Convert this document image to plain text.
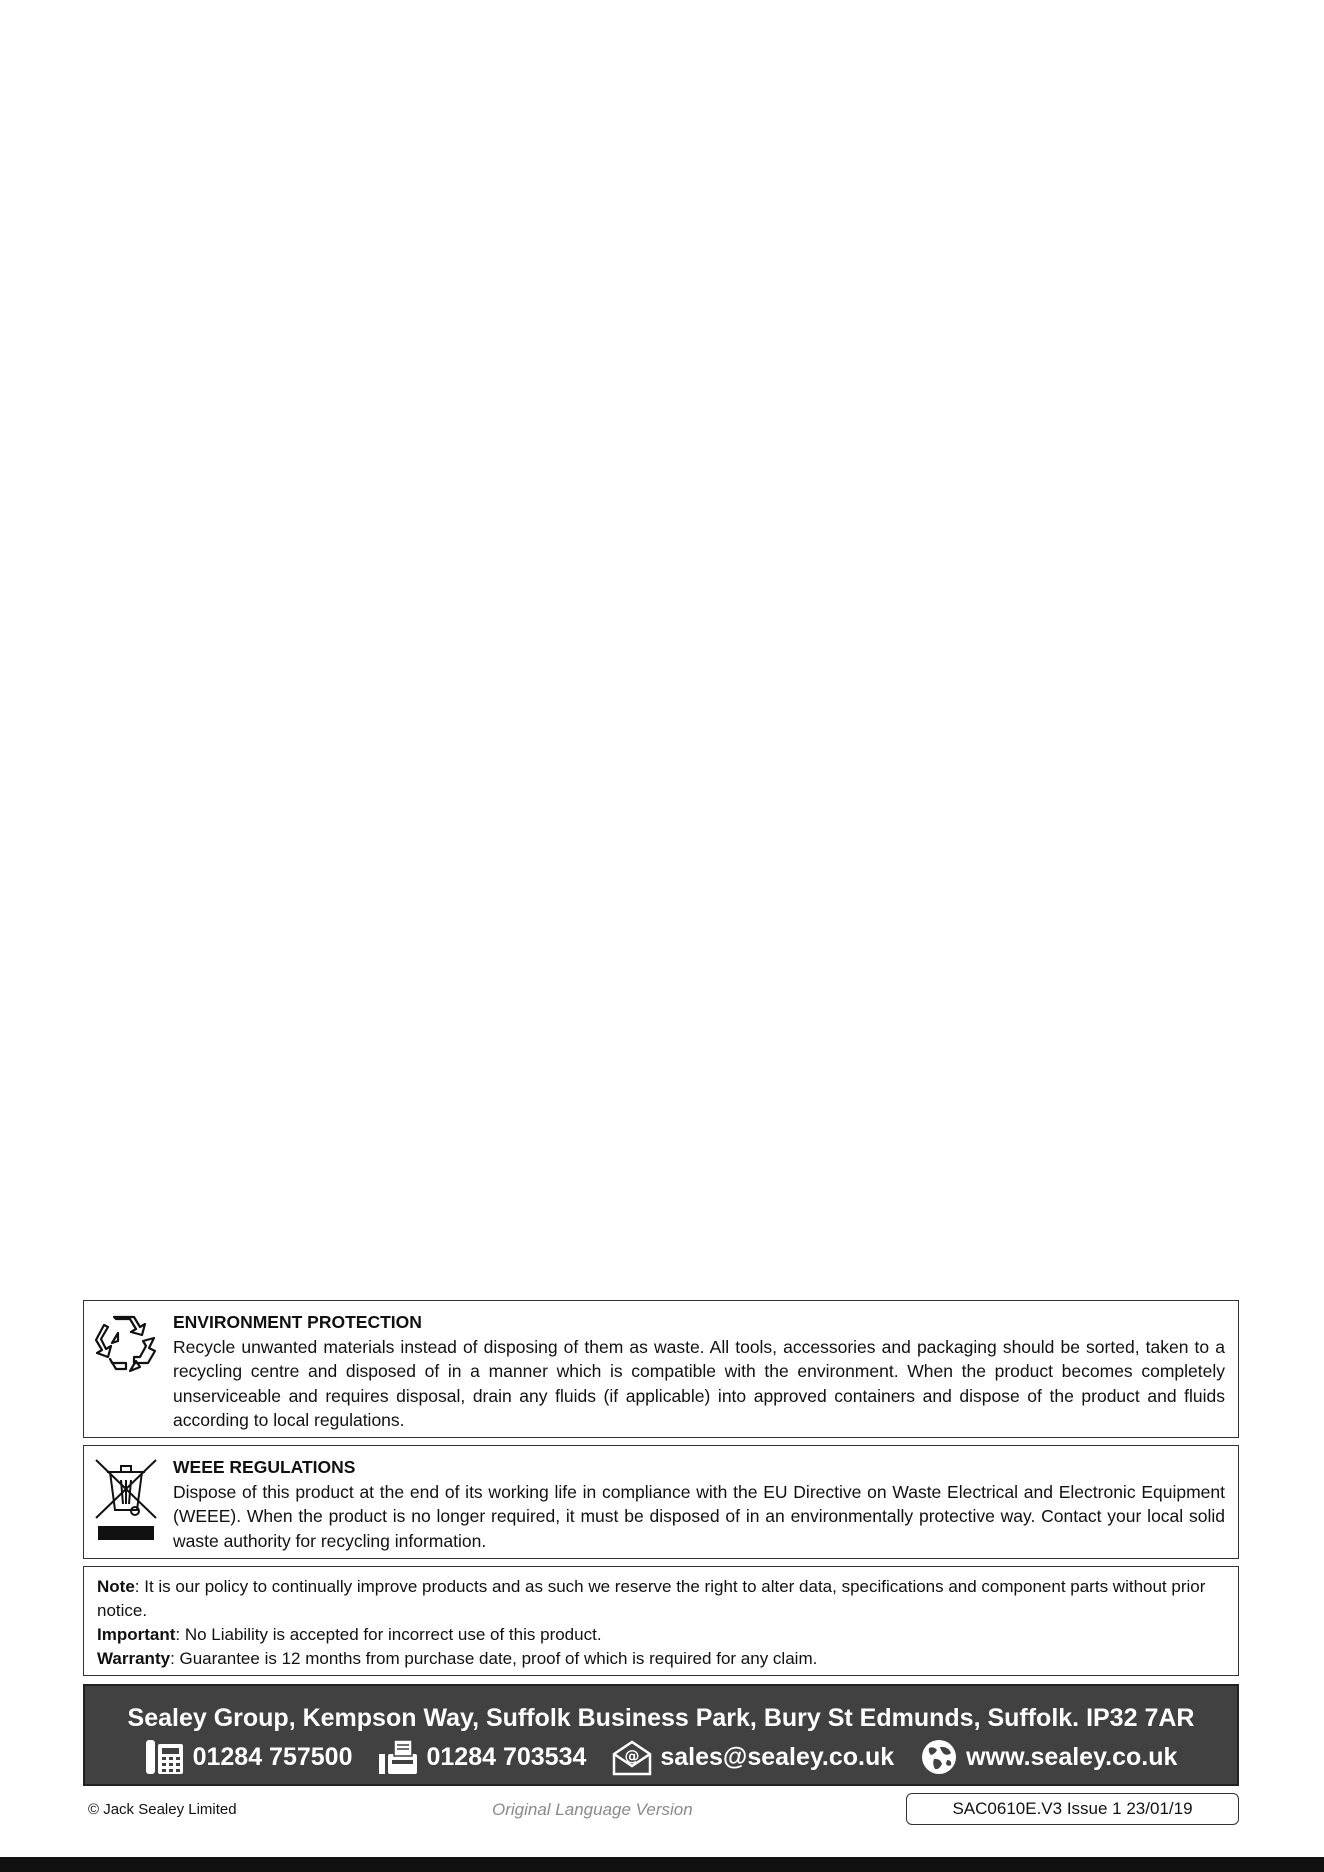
ENVIRONMENT PROTECTION
Recycle unwanted materials instead of disposing of them as waste. All tools, accessories and packaging should be sorted, taken to a recycling centre and disposed of in a manner which is compatible with the environment. When the product becomes completely unserviceable and requires disposal, drain any fluids (if applicable) into approved containers and dispose of the product and fluids according to local regulations.
WEEE REGULATIONS
Dispose of this product at the end of its working life in compliance with the EU Directive on Waste Electrical and Electronic Equipment (WEEE). When the product is no longer required, it must be disposed of in an environmentally protective way. Contact your local solid waste authority for recycling information.

Note: It is our policy to continually improve products and as such we reserve the right to alter data, specifications and component parts without prior notice.

Important: No Liability is accepted for incorrect use of this product.

Warranty: Guarantee is 12 months from purchase date, proof of which is required for any claim.

Sealey Group, Kempson Way, Suffolk Business Park, Bury St Edmunds, Suffolk. IP32 7AR
01284 757500	01284 703534	@ sales@sealey.co.uk	www.sealey.co.uk
© Jack Sealey Limited	Original Language Version	SAC0610E.V3 Issue 1 23/01/19
